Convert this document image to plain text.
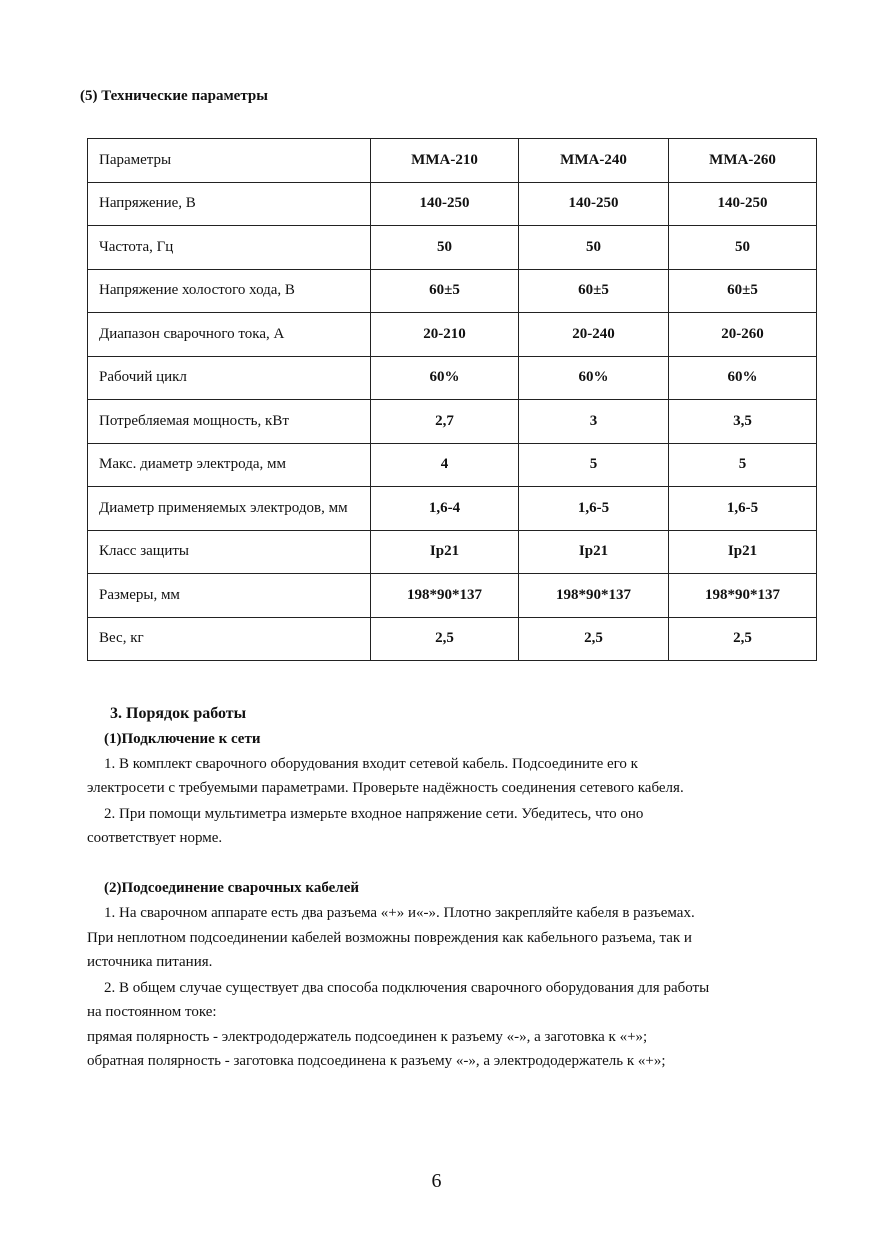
(5) Технические параметры
Параметры	MMA-210	MMA-240	MMA-260
Напряжение, В	140-250	140-250	140-250
Частота, Гц	50	50	50
Напряжение холостого хода, В	60±5	60±5	60±5
Диапазон сварочного тока, А	20-210	20-240	20-260
Рабочий цикл	60%	60%	60%
Потребляемая мощность, кВт	2,7	3	3,5
Макс. диаметр электрода, мм	4	5	5
Диаметр применяемых электродов, мм	1,6-4	1,6-5	1,6-5
Класс защиты	Ip21	Ip21	Ip21
Размеры, мм	198*90*137	198*90*137	198*90*137
Вес, кг	2,5	2,5	2,5
3. Порядок работы
(1)Подключение к сети
1. В комплект сварочного оборудования входит сетевой кабель. Подсоедините его к
электросети с требуемыми параметрами. Проверьте надёжность соединения сетевого кабеля.
2. При помощи мультиметра измерьте входное напряжение сети. Убедитесь, что оно
соответствует норме.
(2)Подсоединение сварочных кабелей
1. На сварочном аппарате есть два разъема «+» и«-». Плотно закрепляйте кабеля в разъемах.
При неплотном подсоединении кабелей возможны повреждения как кабельного разъема, так и
источника питания.
2. В общем случае существует два способа подключения сварочного оборудования для работы
на постоянном токе:
прямая полярность - электрододержатель подсоединен к разъему «-», а заготовка к «+»;
обратная полярность - заготовка подсоединена к разъему «-», а электрододержатель к «+»;
6
